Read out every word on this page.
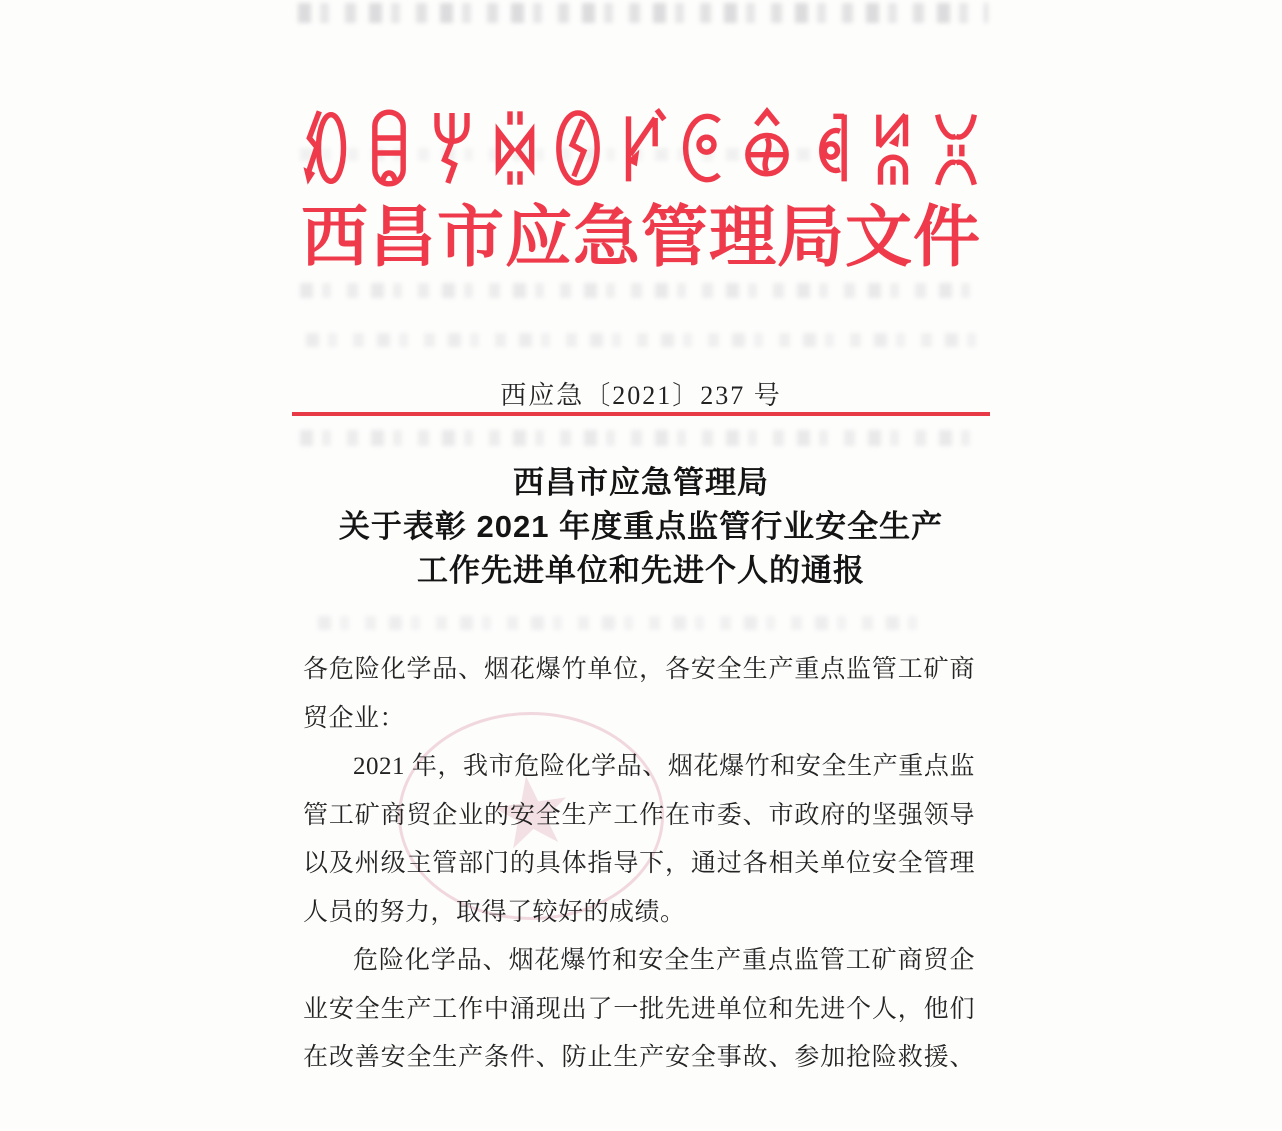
★
西昌市应急管理局文件
西应急〔2021〕237 号
西昌市应急管理局
关于表彰 2021 年度重点监管行业安全生产
工作先进单位和先进个人的通报
各危险化学品、烟花爆竹单位，各安全生产重点监管工矿商
贸企业：
2021 年，我市危险化学品、烟花爆竹和安全生产重点监
管工矿商贸企业的安全生产工作在市委、市政府的坚强领导
以及州级主管部门的具体指导下，通过各相关单位安全管理
人员的努力，取得了较好的成绩。
危险化学品、烟花爆竹和安全生产重点监管工矿商贸企
业安全生产工作中涌现出了一批先进单位和先进个人，他们
在改善安全生产条件、防止生产安全事故、参加抢险救援、
